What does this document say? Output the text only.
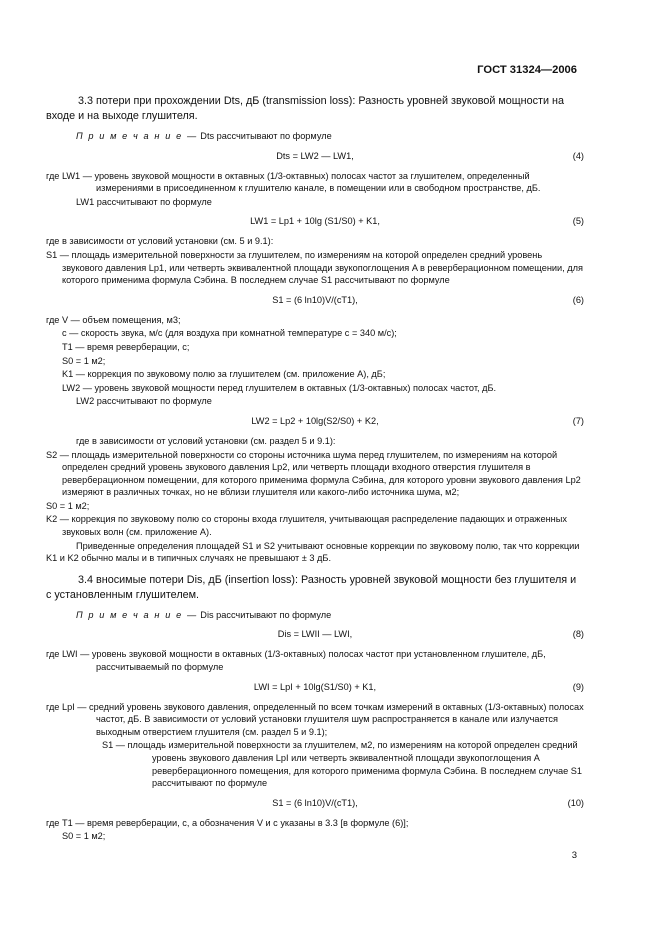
ГОСТ 31324—2006
3.3 потери при прохождении Dts, дБ (transmission loss): Разность уровней звуковой мощности на входе и на выходе глушителя.
П р и м е ч а н и е — Dts рассчитывают по формуле
Dts = LW2 — LW1,	(4)
где LW1 — уровень звуковой мощности в октавных (1/3-октавных) полосах частот за глушителем, определенный измерениями в присоединенном к глушителю канале, в помещении или в свободном пространстве, дБ.
LW1 рассчитывают по формуле
LW1 = Lp1 + 10lg (S1/S0) + K1,	(5)
где в зависимости от условий установки (см. 5 и 9.1):
S1 — площадь измерительной поверхности за глушителем, по измерениям на которой определен средний уровень звукового давления Lp1, или четверть эквивалентной площади звукопоглощения A в реверберационном помещении, для которого применима формула Сэбина. В последнем случае S1 рассчитывают по формуле
S1 = (6 ln10)V/(cT1),	(6)
где V — объем помещения, м3;
c — скорость звука, м/с (для воздуха при комнатной температуре c = 340 м/с);
T1 — время реверберации, с;
S0 = 1 м2;
K1 — коррекция по звуковому полю за глушителем (см. приложение А), дБ;
LW2 — уровень звуковой мощности перед глушителем в октавных (1/3-октавных) полосах частот, дБ.
LW2 рассчитывают по формуле
LW2 = Lp2 + 10lg(S2/S0) + K2,	(7)
где в зависимости от условий установки (см. раздел 5 и 9.1):
S2 — площадь измерительной поверхности со стороны источника шума перед глушителем, по измерениям на которой определен средний уровень звукового давления Lp2, или четверть площади входного отверстия глушителя в реверберационном помещении, для которого применима формула Сэбина, для которого уровни звукового давления Lp2 измеряют в различных точках, но не вблизи глушителя или какого-либо источника шума, м2;
S0 = 1 м2;
K2 — коррекция по звуковому полю со стороны входа глушителя, учитывающая распределение падающих и отраженных звуковых волн (см. приложение А).
Приведенные определения площадей S1 и S2 учитывают основные коррекции по звуковому полю, так что коррекции K1 и K2 обычно малы и в типичных случаях не превышают ± 3 дБ.
3.4 вносимые потери Dis, дБ (insertion loss): Разность уровней звуковой мощности без глушителя и с установленным глушителем.
П р и м е ч а н и е — Dis рассчитывают по формуле
Dis = LWII — LWI,	(8)
где LWI — уровень звуковой мощности в октавных (1/3-октавных) полосах частот при установленном глушителе, дБ, рассчитываемый по формуле
LWI = LpI + 10lg(S1/S0) + K1,	(9)
где LpI — средний уровень звукового давления, определенный по всем точкам измерений в октавных (1/3-октавных) полосах частот, дБ. В зависимости от условий установки глушителя шум распространяется в канале или излучается выходным отверстием глушителя (см. раздел 5 и 9.1);
S1 — площадь измерительной поверхности за глушителем, м2, по измерениям на которой определен средний уровень звукового давления LpI или четверть эквивалентной площади звукопоглощения A реверберационного помещения, для которого применима формула Сэбина. В последнем случае S1 рассчитывают по формуле
S1 = (6 ln10)V/(cT1),	(10)
где T1 — время реверберации, с, а обозначения V и c указаны в 3.3 [в формуле (6)];
S0 = 1 м2;
3
